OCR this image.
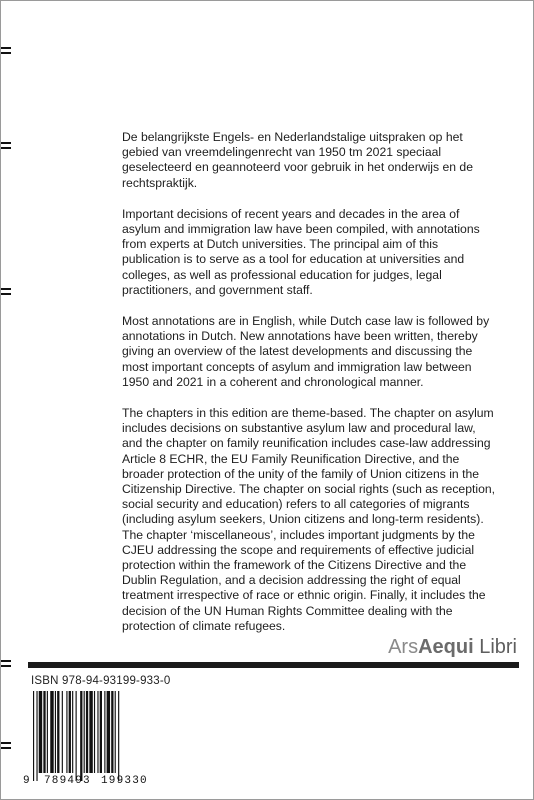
De belangrijkste Engels- en Nederlandstalige uitspraken op het gebied van vreemdelingenrecht van 1950 tm 2021 speciaal geselecteerd en geannoteerd voor gebruik in het onderwijs en de rechtspraktijk.

Important decisions of recent years and decades in the area of asylum and immigration law have been compiled, with annotations from experts at Dutch universities. The principal aim of this publication is to serve as a tool for education at universities and colleges, as well as professional education for judges, legal practitioners, and government staff.

Most annotations are in English, while Dutch case law is followed by annotations in Dutch. New annotations have been written, thereby giving an overview of the latest developments and discussing the most important concepts of asylum and immigration law between 1950 and 2021 in a coherent and chronological manner.

The chapters in this edition are theme-based. The chapter on asylum includes decisions on substantive asylum law and procedural law, and the chapter on family reunification includes case-law addressing Article 8 ECHR, the EU Family Reunification Directive, and the broader protection of the unity of the family of Union citizens in the Citizenship Directive. The chapter on social rights (such as reception, social security and education) refers to all categories of migrants (including asylum seekers, Union citizens and long-term residents). The chapter ‘miscellaneous’, includes important judgments by the CJEU addressing the scope and requirements of effective judicial protection within the framework of the Citizens Directive and the Dublin Regulation, and a decision addressing the right of equal treatment irrespective of race or ethnic origin. Finally, it includes the decision of the UN Human Rights Committee dealing with the protection of climate refugees.

ArsAequi Libri
ISBN 978-94-93199-933-0
9 789493 199330
